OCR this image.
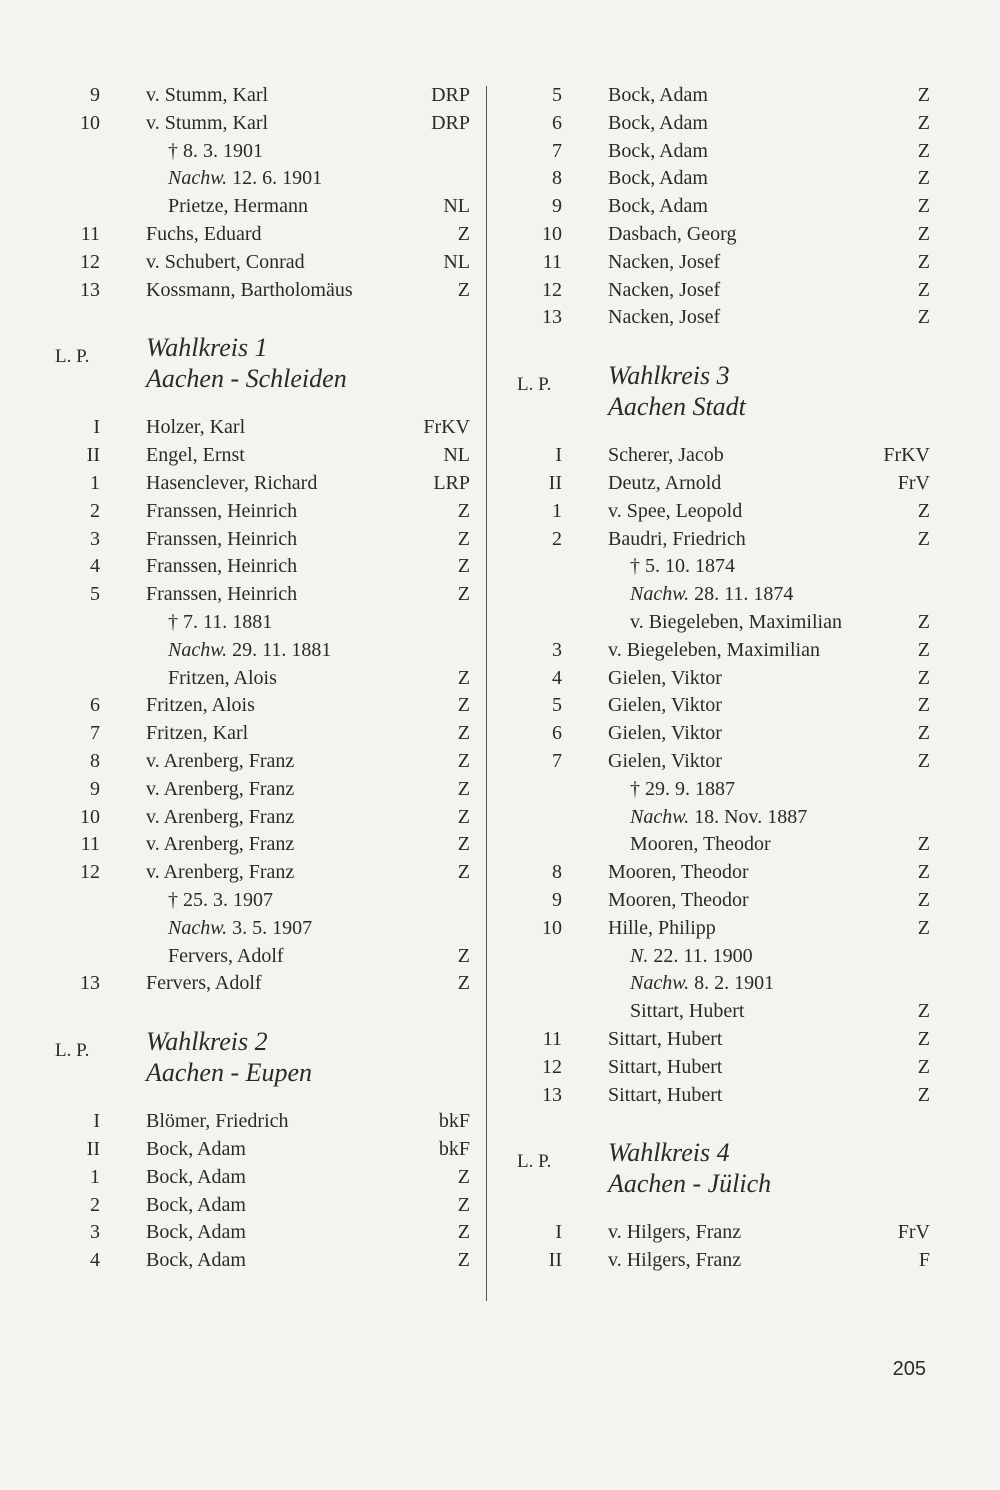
9 v. Stumm, Karl	DRP
10 v. Stumm, Karl	DRP
† 8. 3. 1901
Nachw. 12. 6. 1901
Prietze, Hermann	NL
11 Fuchs, Eduard	Z
12 v. Schubert, Conrad	NL
13 Kossmann, Bartholomäus	Z
L. P. Wahlkreis 1
Aachen - Schleiden
I Holzer, Karl	FrKV
II Engel, Ernst	NL
1 Hasenclever, Richard	LRP
2 Franssen, Heinrich	Z
3 Franssen, Heinrich	Z
4 Franssen, Heinrich	Z
5 Franssen, Heinrich	Z
† 7. 11. 1881
Nachw. 29. 11. 1881
Fritzen, Alois	Z
6 Fritzen, Alois	Z
7 Fritzen, Karl	Z
8 v. Arenberg, Franz	Z
9 v. Arenberg, Franz	Z
10 v. Arenberg, Franz	Z
11 v. Arenberg, Franz	Z
12 v. Arenberg, Franz	Z
† 25. 3. 1907
Nachw. 3. 5. 1907
Fervers, Adolf	Z
13 Fervers, Adolf	Z
L. P. Wahlkreis 2
Aachen - Eupen
I Blömer, Friedrich	bkF
II Bock, Adam	bkF
1 Bock, Adam	Z
2 Bock, Adam	Z
3 Bock, Adam	Z
4 Bock, Adam	Z
5 Bock, Adam	Z
6 Bock, Adam	Z
7 Bock, Adam	Z
8 Bock, Adam	Z
9 Bock, Adam	Z
10 Dasbach, Georg	Z
11 Nacken, Josef	Z
12 Nacken, Josef	Z
13 Nacken, Josef	Z
L. P. Wahlkreis 3
Aachen Stadt
I Scherer, Jacob	FrKV
II Deutz, Arnold	FrV
1 v. Spee, Leopold	Z
2 Baudri, Friedrich	Z
† 5. 10. 1874
Nachw. 28. 11. 1874
v. Biegeleben, Maximilian	Z
3 v. Biegeleben, Maximilian	Z
4 Gielen, Viktor	Z
5 Gielen, Viktor	Z
6 Gielen, Viktor	Z
7 Gielen, Viktor	Z
† 29. 9. 1887
Nachw. 18. Nov. 1887
Mooren, Theodor	Z
8 Mooren, Theodor	Z
9 Mooren, Theodor	Z
10 Hille, Philipp	Z
N. 22. 11. 1900
Nachw. 8. 2. 1901
Sittart, Hubert	Z
11 Sittart, Hubert	Z
12 Sittart, Hubert	Z
13 Sittart, Hubert	Z
L. P. Wahlkreis 4
Aachen - Jülich
I v. Hilgers, Franz	FrV
II v. Hilgers, Franz	F
205
